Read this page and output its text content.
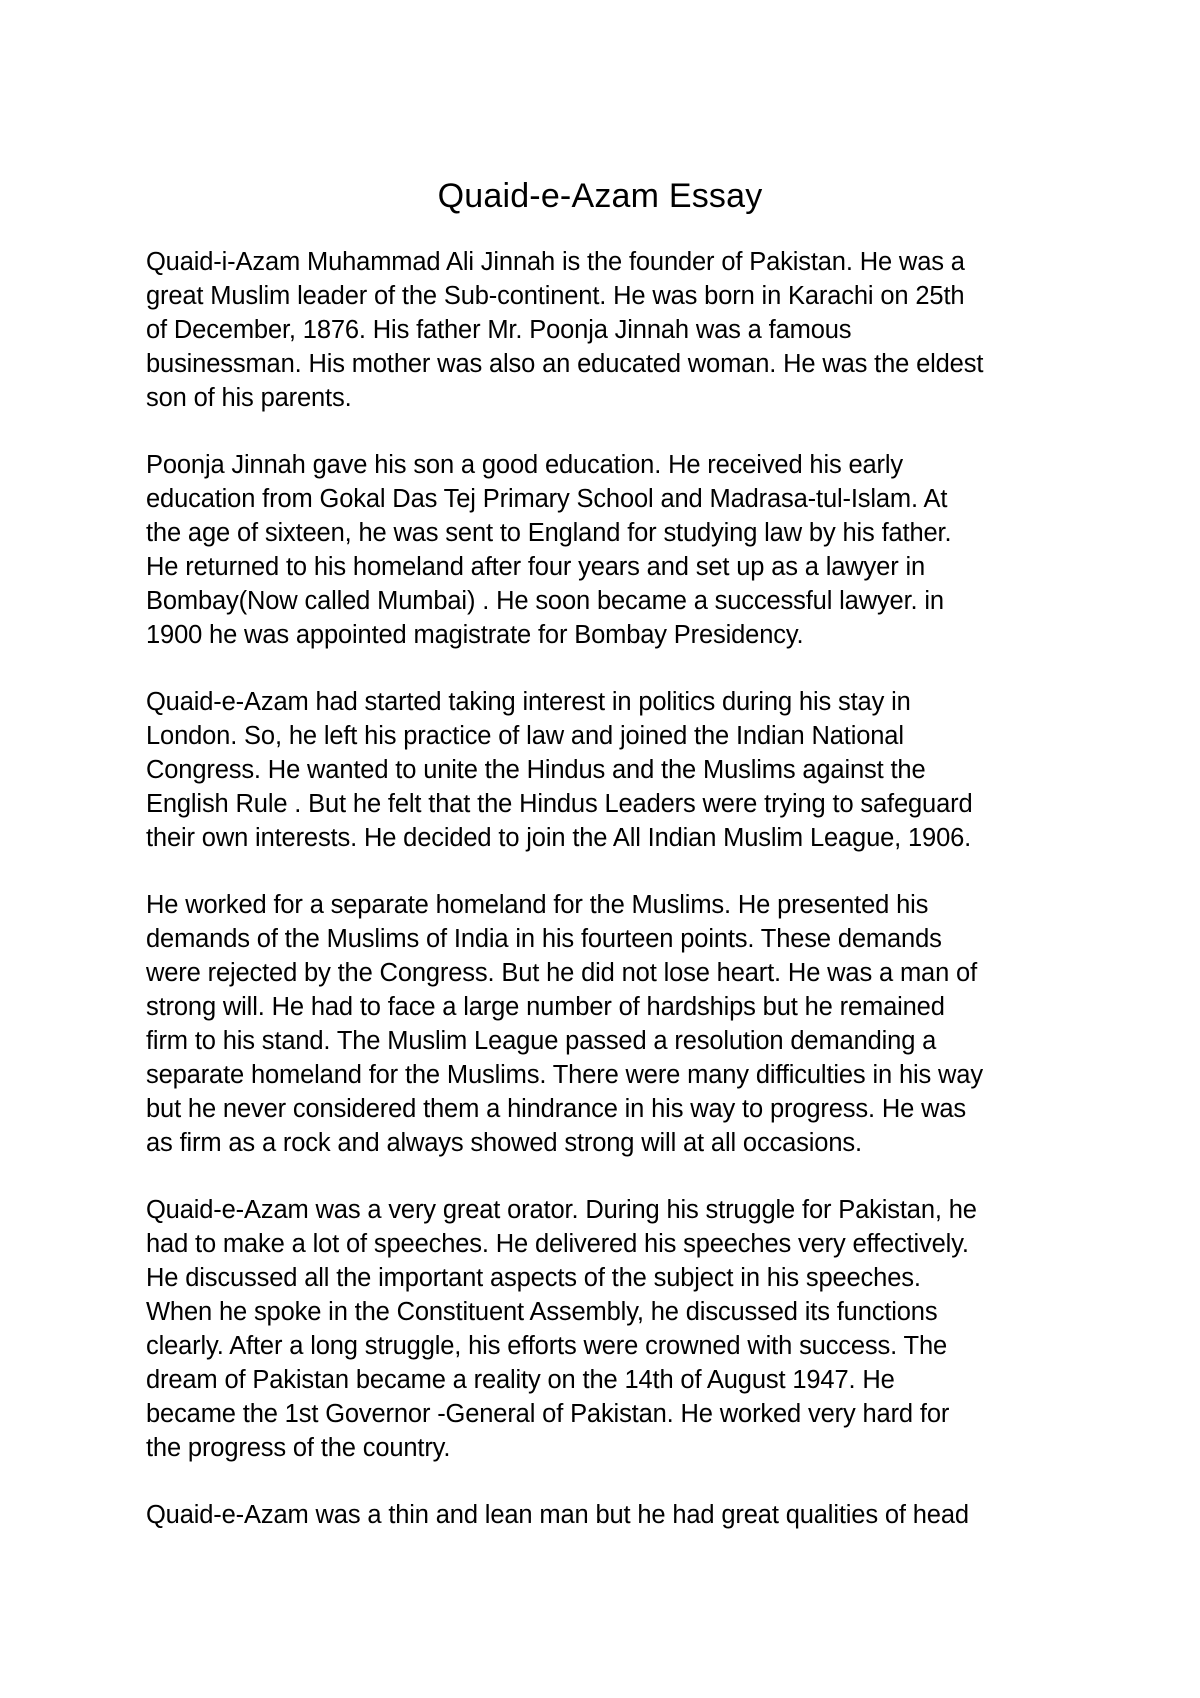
Quaid-e-Azam Essay
Quaid-i-Azam Muhammad Ali Jinnah is the founder of Pakistan. He was a
great Muslim leader of the Sub-continent. He was born in Karachi on 25th
of December, 1876. His father Mr. Poonja Jinnah was a famous
businessman. His mother was also an educated woman. He was the eldest
son of his parents.
Poonja Jinnah gave his son a good education. He received his early
education from Gokal Das Tej Primary School and Madrasa-tul-Islam. At
the age of sixteen, he was sent to England for studying law by his father.
He returned to his homeland after four years and set up as a lawyer in
Bombay(Now called Mumbai) . He soon became a successful lawyer. in
1900 he was appointed magistrate for Bombay Presidency.
Quaid-e-Azam had started taking interest in politics during his stay in
London. So, he left his practice of law and joined the Indian National
Congress. He wanted to unite the Hindus and the Muslims against the
English Rule . But he felt that the Hindus Leaders were trying to safeguard
their own interests. He decided to join the All Indian Muslim League, 1906.
He worked for a separate homeland for the Muslims. He presented his
demands of the Muslims of India in his fourteen points. These demands
were rejected by the Congress. But he did not lose heart. He was a man of
strong will. He had to face a large number of hardships but he remained
firm to his stand. The Muslim League passed a resolution demanding a
separate homeland for the Muslims. There were many difficulties in his way
but he never considered them a hindrance in his way to progress. He was
as firm as a rock and always showed strong will at all occasions.
Quaid-e-Azam was a very great orator. During his struggle for Pakistan, he
had to make a lot of speeches. He delivered his speeches very effectively.
He discussed all the important aspects of the subject in his speeches.
When he spoke in the Constituent Assembly, he discussed its functions
clearly. After a long struggle, his efforts were crowned with success. The
dream of Pakistan became a reality on the 14th of August 1947. He
became the 1st Governor -General of Pakistan. He worked very hard for
the progress of the country.
Quaid-e-Azam was a thin and lean man but he had great qualities of head
